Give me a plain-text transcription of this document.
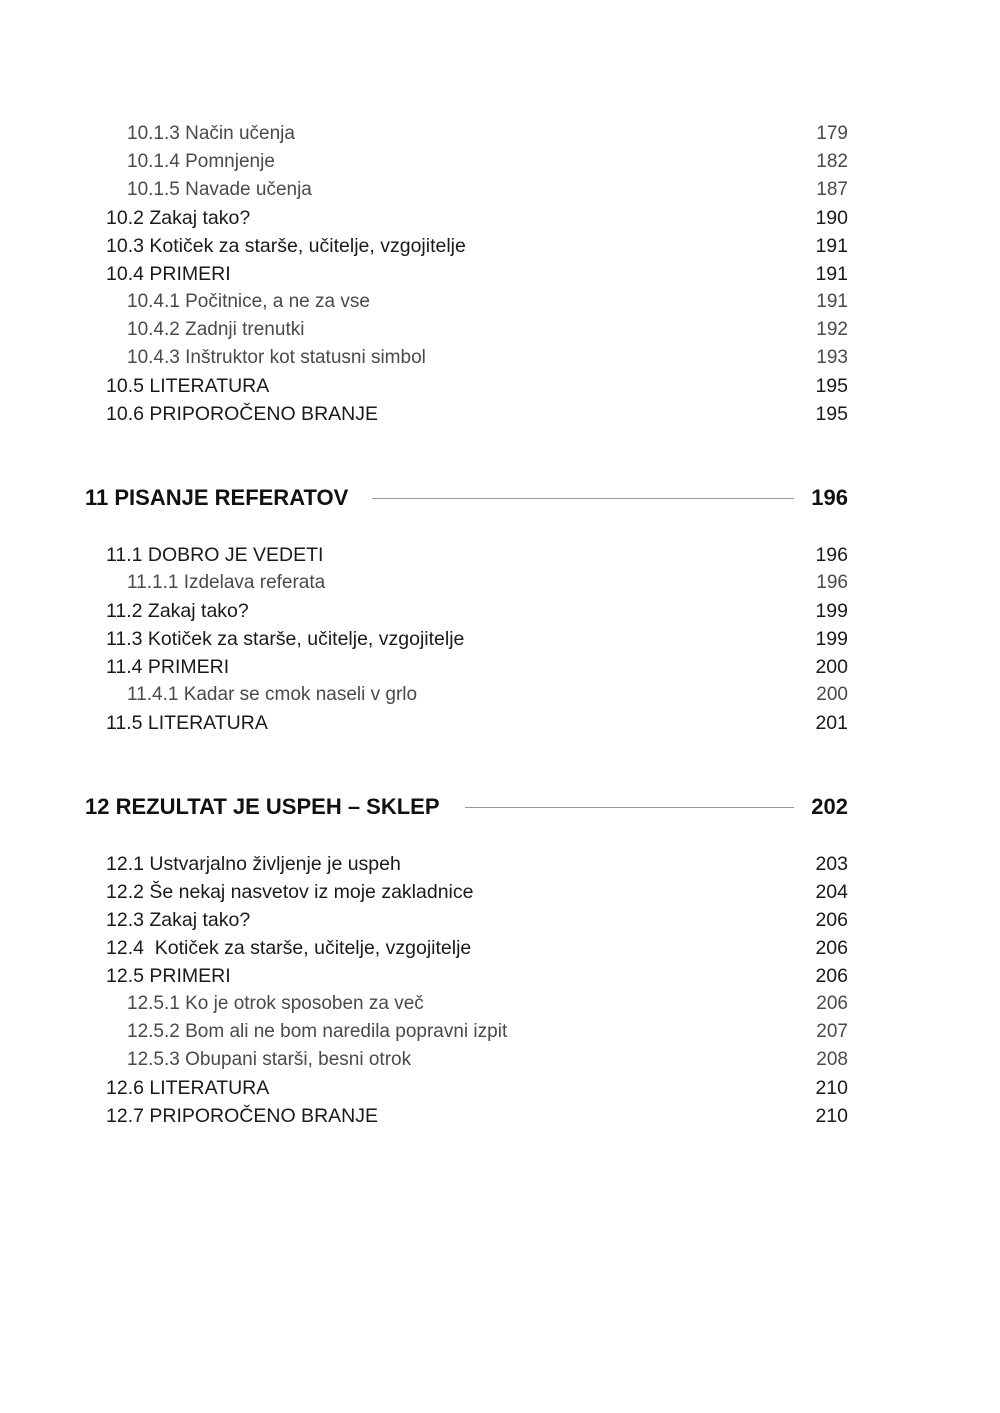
10.1.3 Način učenja	179
10.1.4 Pomnjenje	182
10.1.5 Navade učenja	187
10.2 Zakaj tako?	190
10.3 Kotiček za starše, učitelje, vzgojitelje	191
10.4 PRIMERI	191
10.4.1 Počitnice, a ne za vse	191
10.4.2 Zadnji trenutki	192
10.4.3 Inštruktor kot statusni simbol	193
10.5 LITERATURA	195
10.6 PRIPOROČENO BRANJE	195
11 PISANJE REFERATOV	196
11.1 DOBRO JE VEDETI	196
11.1.1 Izdelava referata	196
11.2 Zakaj tako?	199
11.3 Kotiček za starše, učitelje, vzgojitelje	199
11.4 PRIMERI	200
11.4.1 Kadar se cmok naseli v grlo	200
11.5 LITERATURA	201
12 REZULTAT JE USPEH – SKLEP	202
12.1 Ustvarjalno življenje je uspeh	203
12.2 Še nekaj nasvetov iz moje zakladnice	204
12.3 Zakaj tako?	206
12.4  Kotiček za starše, učitelje, vzgojitelje	206
12.5 PRIMERI	206
12.5.1 Ko je otrok sposoben za več	206
12.5.2 Bom ali ne bom naredila popravni izpit	207
12.5.3 Obupani starši, besni otrok	208
12.6 LITERATURA	210
12.7 PRIPOROČENO BRANJE	210
